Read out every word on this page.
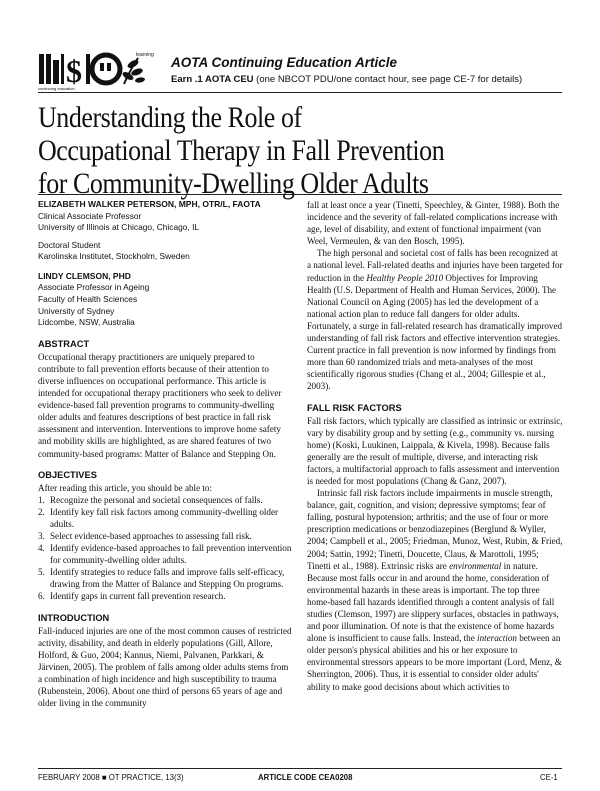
continuing education
$	learning AOTA Continuing Education Article
Earn .1 AOTA CEU (one NBCOT PDU/one contact hour, see page CE-7 for details)
Understanding the Role of
Occupational Therapy in Fall Prevention
for Community-Dwelling Older Adults
ELIZABETH WALKER PETERSON, MPH, OTR/L, FAOTA
Clinical Associate Professor
University of Illinois at Chicago, Chicago, IL
Doctoral Student
Karolinska Institutet, Stockholm, Sweden
LINDY CLEMSON, PHD
Associate Professor in Ageing
Faculty of Health Sciences
University of Sydney
Lidcombe, NSW, Australia
ABSTRACT

Occupational therapy practitioners are uniquely prepared to contribute to fall prevention efforts because of their attention to diverse influences on occupational performance. This article is intended for occupational therapy practitioners who seek to deliver evidence-based fall prevention programs to community-dwelling older adults and features descriptions of best practice in fall risk assessment and intervention. Interventions to improve home safety and mobility skills are highlighted, as are shared features of two community-based programs: Matter of Balance and Stepping On.

OBJECTIVES

After reading this article, you should be able to:

1. Recognize the personal and societal consequences of falls.
2. Identify key fall risk factors among community-dwelling older adults.
3. Select evidence-based approaches to assessing fall risk.
4. Identify evidence-based approaches to fall prevention intervention for community-dwelling older adults.
5. Identify strategies to reduce falls and improve falls self-efficacy, drawing from the Matter of Balance and Stepping On programs.
6. Identify gaps in current fall prevention research.
INTRODUCTION

Fall-induced injuries are one of the most common causes of restricted activity, disability, and death in elderly populations (Gill, Allore, Holford, & Guo, 2004; Kannus, Niemi, Palvanen, Parkkari, & Järvinen, 2005). The problem of falls among older adults stems from a combination of high incidence and high susceptibility to trauma (Rubenstein, 2006). About one third of persons 65 years of age and older living in the community

fall at least once a year (Tinetti, Speechley, & Ginter, 1988). Both the incidence and the severity of fall-related complications increase with age, level of disability, and extent of functional impairment (van Weel, Vermeulen, & van den Bosch, 1995).

The high personal and societal cost of falls has been recognized at a national level. Fall-related deaths and injuries have been targeted for reduction in the Healthy People 2010 Objectives for Improving Health (U.S. Department of Health and Human Services, 2000). The National Council on Aging (2005) has led the development of a national action plan to reduce fall dangers for older adults. Fortunately, a surge in fall-related research has dramatically improved understanding of fall risk factors and effective intervention strategies. Current practice in fall prevention is now informed by findings from more than 60 randomized trials and meta-analyses of the most scientifically rigorous studies (Chang et al., 2004; Gillespie et al., 2003).

FALL RISK FACTORS

Fall risk factors, which typically are classified as intrinsic or extrinsic, vary by disability group and by setting (e.g., community vs. nursing home) (Koski, Luukinen, Laippala, & Kivela, 1998). Because falls generally are the result of multiple, diverse, and interacting risk factors, a multifactorial approach to falls assessment and intervention is needed for most populations (Chang & Ganz, 2007).

Intrinsic fall risk factors include impairments in muscle strength, balance, gait, cognition, and vision; depressive symptoms; fear of falling, postural hypotension; arthritis; and the use of four or more prescription medications or benzodiazepines (Berglund & Wyller, 2004; Campbell et al., 2005; Friedman, Munoz, West, Rubin, & Fried, 2004; Sattin, 1992; Tinetti, Doucette, Claus, & Marottoli, 1995; Tinetti et al., 1988). Extrinsic risks are environmental in nature. Because most falls occur in and around the home, consideration of environmental hazards in these areas is important. The top three home-based fall hazards identified through a content analysis of fall studies (Clemson, 1997) are slippery surfaces, obstacles in pathways, and poor illumination. Of note is that the existence of home hazards alone is insufficient to cause falls. Instead, the interaction between an older person's physical abilities and his or her exposure to environmental stressors appears to be more important (Lord, Menz, & Sherrington, 2006). Thus, it is essential to consider older adults' ability to make good decisions about which activities to

FEBRUARY 2008 ■ OT PRACTICE, 13(3)	ARTICLE CODE CEA0208	CE-1
